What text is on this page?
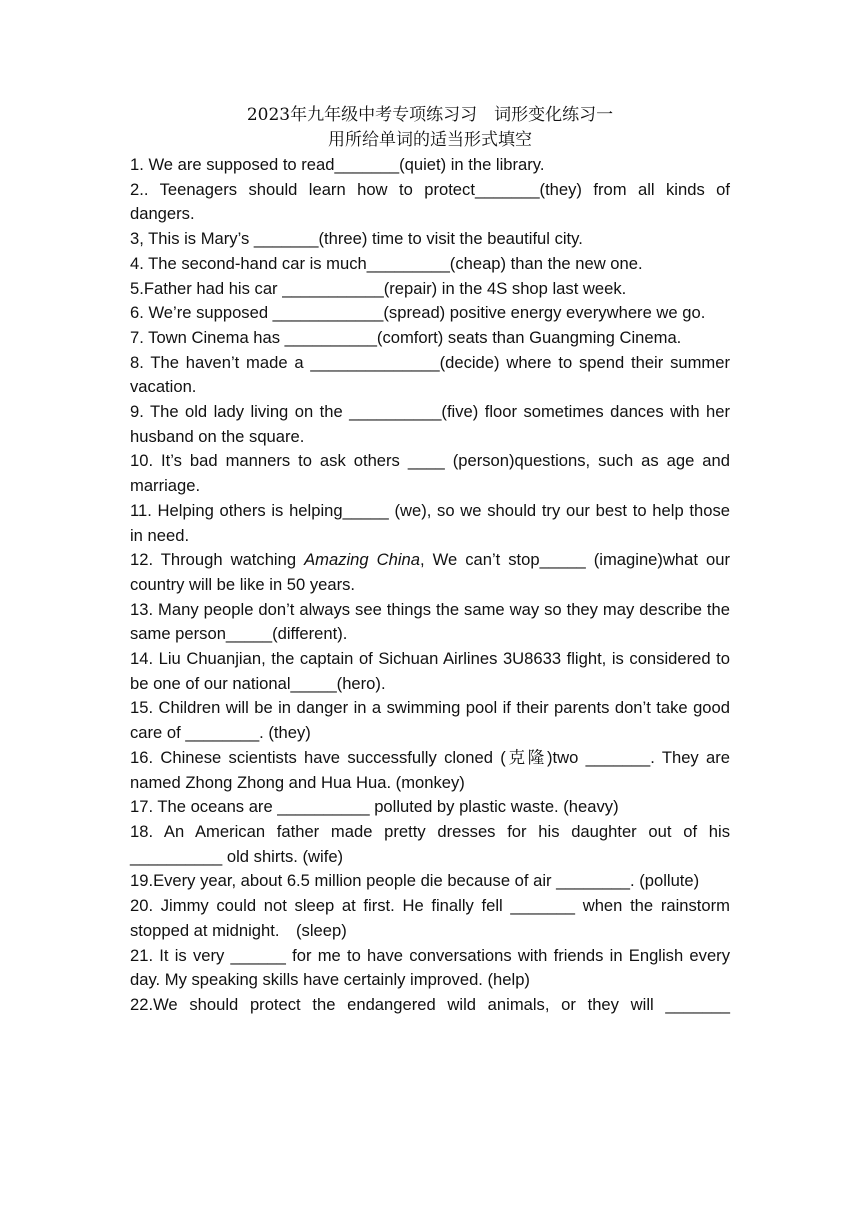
2023年九年级中考专项练习习　词形变化练习一

用所给单词的适当形式填空

1. We are supposed to read_______(quiet) in the library.

2.. Teenagers should learn how to protect_______(they) from all kinds of dangers.

3, This is Mary’s _______(three) time to visit the beautiful city.

4. The second-hand car is much_________(cheap) than the new one.

5.Father had his car ___________(repair) in the 4S shop last week.

6. We’re supposed ____________(spread) positive energy everywhere we go.

7. Town Cinema has __________(comfort) seats than Guangming Cinema.

8. The haven’t made a ______________(decide) where to spend their summer vacation.

9. The old lady living on the __________(five) floor sometimes dances with her husband on the square.

10. It’s bad manners to ask others ____ (person)questions, such as age and marriage.

11. Helping others is helping_____ (we), so we should try our best to help those in need.

12. Through watching Amazing China, We can’t stop_____ (imagine)what our country will be like in 50 years.

13. Many people don’t always see things the same way so they may describe the same person_____(different).

14. Liu Chuanjian, the captain of Sichuan Airlines 3U8633 flight, is considered to be one of our national_____(hero).

15. Children will be in danger in a swimming pool if their parents don’t take good care of ________. (they)

16. Chinese scientists have successfully cloned (克隆)two _______. They are named Zhong Zhong and Hua Hua. (monkey)

17. The oceans are __________ polluted by plastic waste. (heavy)

18. An American father made pretty dresses for his daughter out of his __________ old shirts. (wife)

19.Every year, about 6.5 million people die because of air ________. (pollute)

20. Jimmy could not sleep at first. He finally fell _______ when the rainstorm stopped at midnight.　(sleep)

21. It is very ______ for me to have conversations with friends in English every day. My speaking skills have certainly improved. (help)

22.We should protect the endangered wild animals, or they will _______
